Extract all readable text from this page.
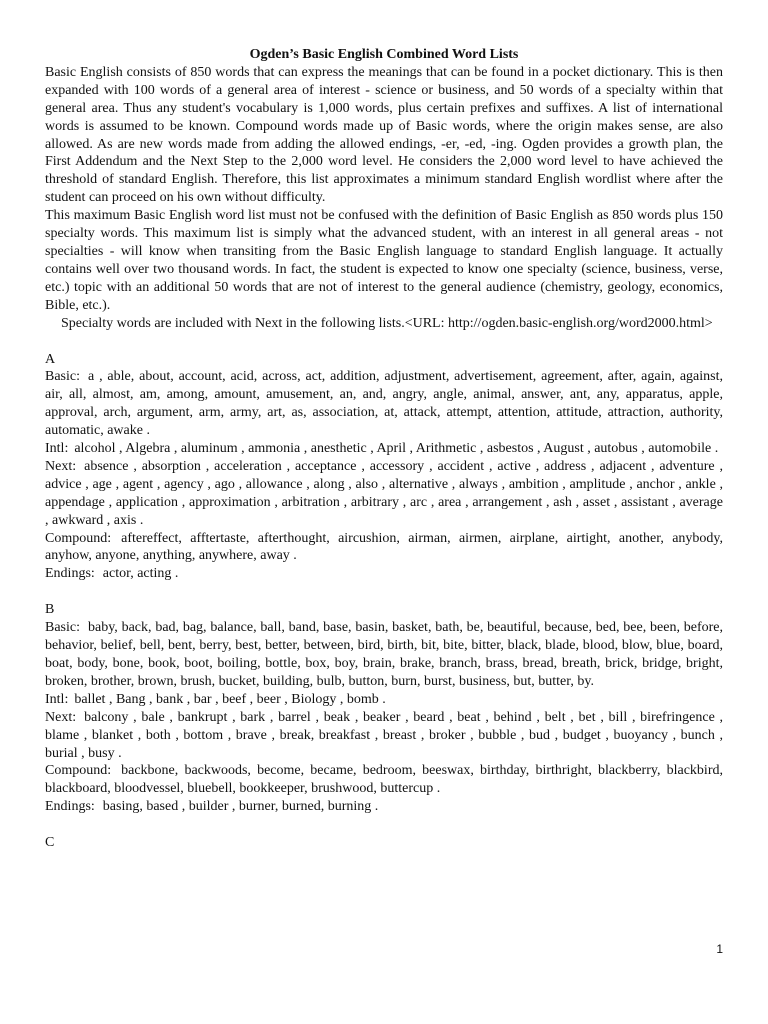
Ogden’s Basic English Combined Word Lists

Basic English consists of 850 words that can express the meanings that can be found in a pocket dictionary. This is then expanded with 100 words of a general area of interest - science or business, and 50 words of a specialty within that general area. Thus any student's vocabulary is 1,000 words, plus certain prefixes and suffixes. A list of international words is assumed to be known. Compound words made up of Basic words, where the origin makes sense, are also allowed. As are new words made from adding the allowed endings, -er, -ed, -ing. Ogden provides a growth plan, the First Addendum and the Next Step to the 2,000 word level. He considers the 2,000 word level to have achieved the threshold of standard English. Therefore, this list approximates a minimum standard English wordlist where after the student can proceed on his own without difficulty.

This maximum Basic English word list must not be confused with the definition of Basic English as 850 words plus 150 specialty words. This maximum list is simply what the advanced student, with an interest in all general areas - not specialties - will know when transiting from the Basic English language to standard English language. It actually contains well over two thousand words. In fact, the student is expected to know one specialty (science, business, verse, etc.) topic with an additional 50 words that are not of interest to the general audience (chemistry, geology, economics, Bible, etc.).

Specialty words are included with Next in the following lists.<URL: http://ogden.basic-english.org/word2000.html>

A
Basic: a , able, about, account, acid, across, act, addition, adjustment, advertisement, agreement, after, again, against, air, all, almost, am, among, amount, amusement, an, and, angry, angle, animal, answer, ant, any, apparatus, apple, approval, arch, argument, arm, army, art, as, association, at, attack, attempt, attention, attitude, attraction, authority, automatic, awake .
Intl: alcohol , Algebra , aluminum , ammonia , anesthetic , April , Arithmetic , asbestos , August , autobus , automobile .
Next: absence , absorption , acceleration , acceptance , accessory , accident , active , address , adjacent , adventure , advice , age , agent , agency , ago , allowance , along , also , alternative , always , ambition , amplitude , anchor , ankle , appendage , application , approximation , arbitration , arbitrary , arc , area , arrangement , ash , asset , assistant , average , awkward , axis .
Compound: aftereffect, afftertaste, afterthought, aircushion, airman, airmen, airplane, airtight, another, anybody, anyhow, anyone, anything, anywhere, away .
Endings: actor, acting .
B
Basic: baby, back, bad, bag, balance, ball, band, base, basin, basket, bath, be, beautiful, because, bed, bee, been, before, behavior, belief, bell, bent, berry, best, better, between, bird, birth, bit, bite, bitter, black, blade, blood, blow, blue, board, boat, body, bone, book, boot, boiling, bottle, box, boy, brain, brake, branch, brass, bread, breath, brick, bridge, bright, broken, brother, brown, brush, bucket, building, bulb, button, burn, burst, business, but, butter, by.
Intl: ballet , Bang , bank , bar , beef , beer , Biology , bomb .
Next: balcony , bale , bankrupt , bark , barrel , beak , beaker , beard , beat , behind , belt , bet , bill , birefringence , blame , blanket , both , bottom , brave , break, breakfast , breast , broker , bubble , bud , budget , buoyancy , bunch , burial , busy .
Compound: backbone, backwoods, become, became, bedroom, beeswax, birthday, birthright, blackberry, blackbird, blackboard, bloodvessel, bluebell, bookkeeper, brushwood, buttercup .
Endings: basing, based , builder , burner, burned, burning .
C
1
